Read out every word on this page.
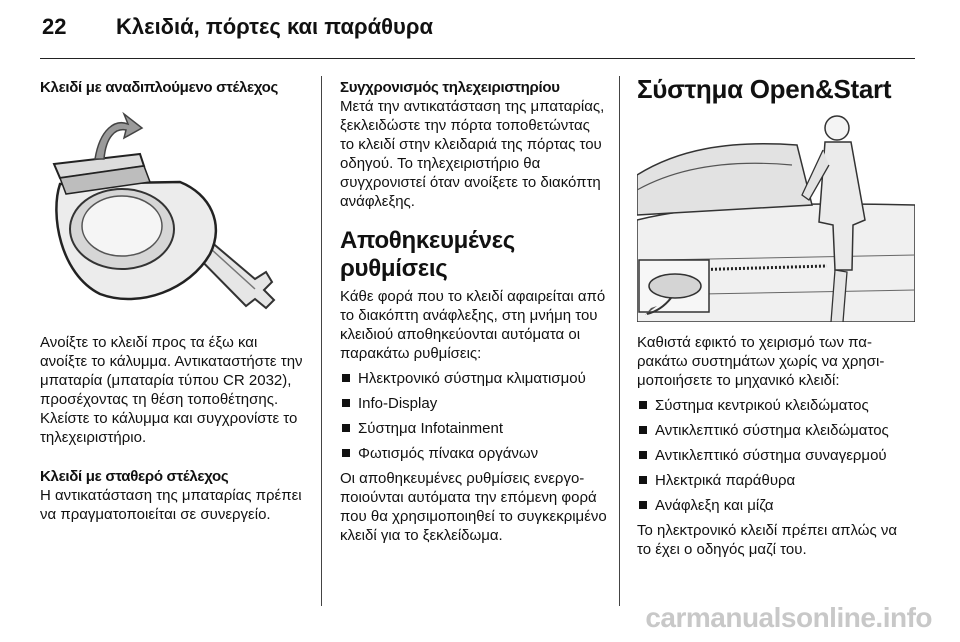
22 Κλειδιά, πόρτες και παράθυρα

Κλειδί με αναδιπλούμενο στέλεχος

Ανοίξτε το κλειδί προς τα έξω και ανοίξτε το κάλυμμα. Αντικαταστήστε την μπαταρία (μπαταρία τύπου CR 2032), προσέχοντας τη θέση τοποθέτησης. Κλείστε το κάλυμμα και συγχρονίστε το τηλεχειριστήριο.

Κλειδί με σταθερό στέλεχος

Η αντικατάσταση της μπαταρίας πρέπει να πραγματοποιείται σε συνεργείο.

Συγχρονισμός τηλεχειριστηρίου

Μετά την αντικατάσταση της μπαταρίας, ξεκλειδώστε την πόρτα τοποθετώντας το κλειδί στην κλειδαριά της πόρτας του οδηγού. Το τηλεχειριστήριο θα συγχρονιστεί όταν ανοίξετε το διακόπτη ανάφλεξης.

Αποθηκευμένες ρυθμίσεις

Κάθε φορά που το κλειδί αφαιρείται από το διακόπτη ανάφλεξης, στη μνήμη του κλειδιού αποθηκεύονται αυτόματα οι παρακάτω ρυθμίσεις:

Ηλεκτρονικό σύστημα κλιματισμού
Info-Display
Σύστημα Infotainment
Φωτισμός πίνακα οργάνων

Οι αποθηκευμένες ρυθμίσεις ενεργοποιούνται αυτόματα την επόμενη φορά που θα χρησιμοποιηθεί το συγκεκριμένο κλειδί για το ξεκλείδωμα.

Σύστημα Open&Start

Καθιστά εφικτό το χειρισμό των παρακάτω συστημάτων χωρίς να χρησιμοποιήσετε το μηχανικό κλειδί:

Σύστημα κεντρικού κλειδώματος
Αντικλεπτικό σύστημα κλειδώματος
Αντικλεπτικό σύστημα συναγερμού
Ηλεκτρικά παράθυρα
Ανάφλεξη και μίζα

Το ηλεκτρονικό κλειδί πρέπει απλώς να το έχει ο οδηγός μαζί του.

carmanualsonline.info
